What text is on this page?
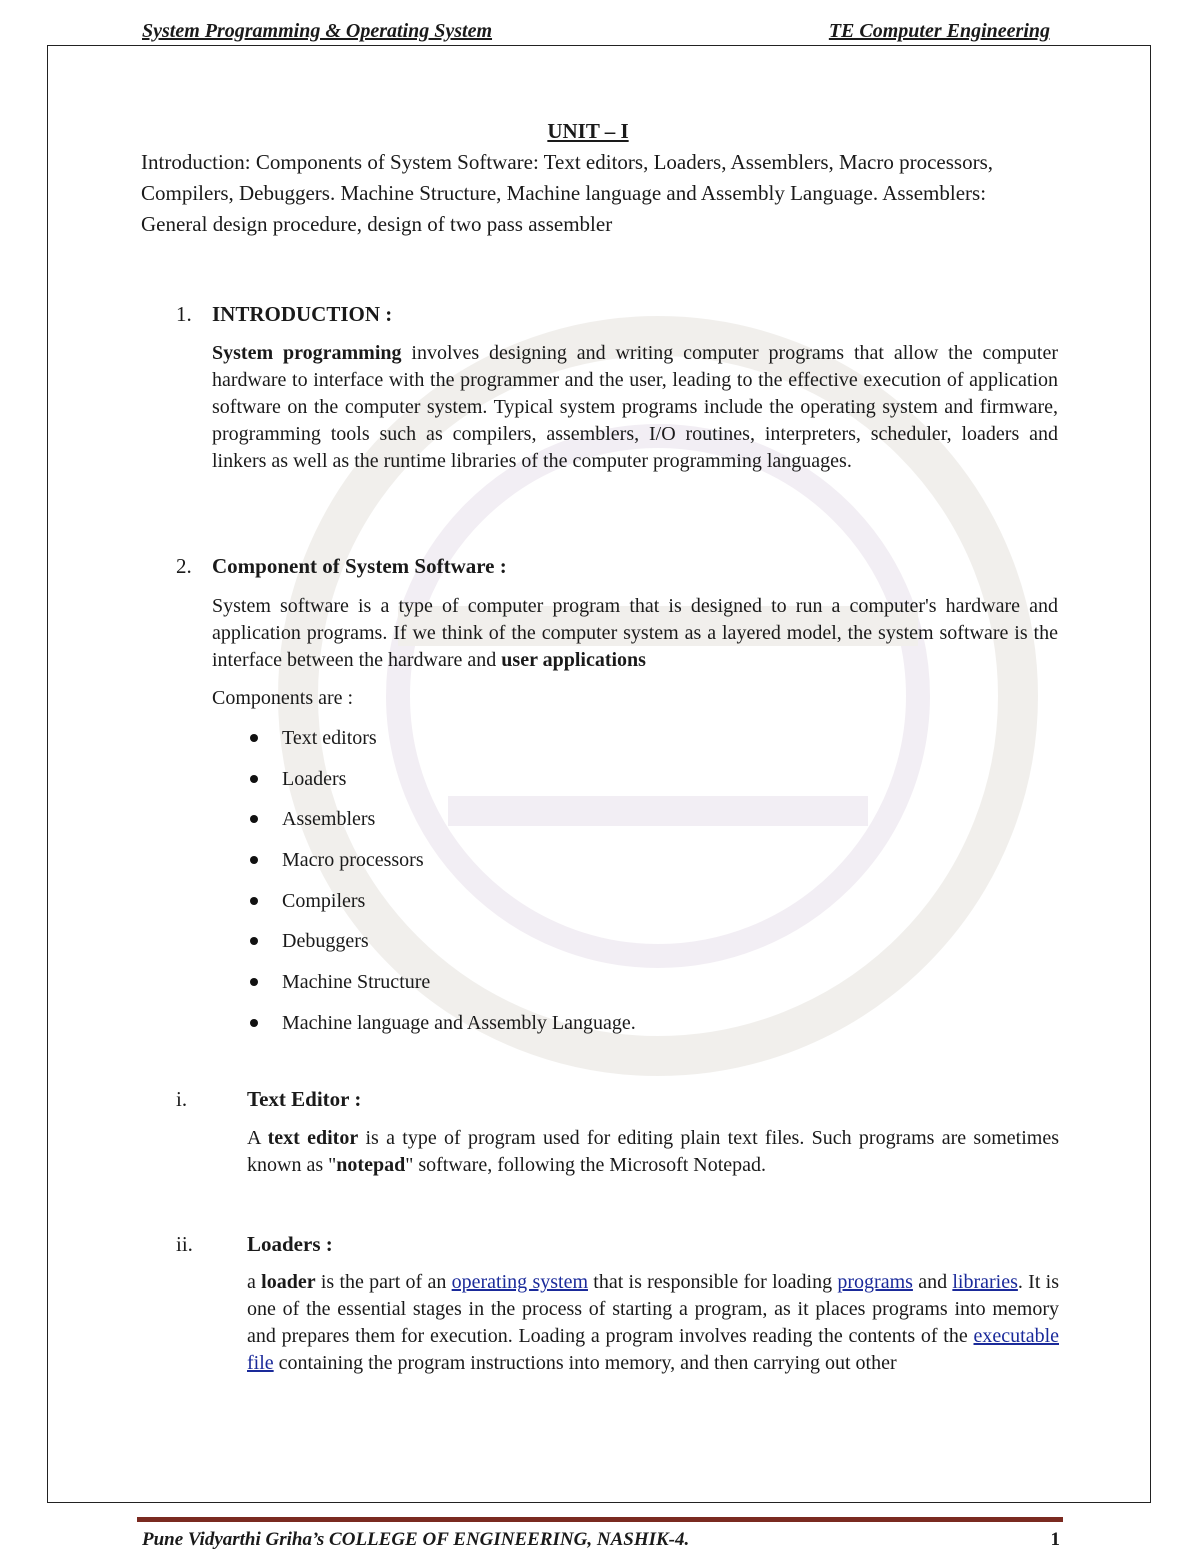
System Programming & Operating System	TE Computer Engineering
UNIT – I
Introduction: Components of System Software: Text editors, Loaders, Assemblers, Macro processors, Compilers, Debuggers. Machine Structure, Machine language and Assembly Language. Assemblers: General design procedure, design of two pass assembler
1. INTRODUCTION :
System programming involves designing and writing computer programs that allow the computer hardware to interface with the programmer and the user, leading to the effective execution of application software on the computer system. Typical system programs include the operating system and firmware, programming tools such as compilers, assemblers, I/O routines, interpreters, scheduler, loaders and linkers as well as the runtime libraries of the computer programming languages.
2. Component of System Software :
System software is a type of computer program that is designed to run a computer's hardware and application programs. If we think of the computer system as a layered model, the system software is the interface between the hardware and user applications
Components are :
Text editors
Loaders
Assemblers
Macro processors
Compilers
Debuggers
Machine Structure
Machine language and Assembly Language.
i.	Text Editor :
A text editor is a type of program used for editing plain text files. Such programs are sometimes known as "notepad" software, following the Microsoft Notepad.
ii.	Loaders :
a loader is the part of an operating system that is responsible for loading programs and libraries. It is one of the essential stages in the process of starting a program, as it places programs into memory and prepares them for execution. Loading a program involves reading the contents of the executable file containing the program instructions into memory, and then carrying out other
Pune Vidyarthi Griha’s COLLEGE OF ENGINEERING, NASHIK-4.	1
